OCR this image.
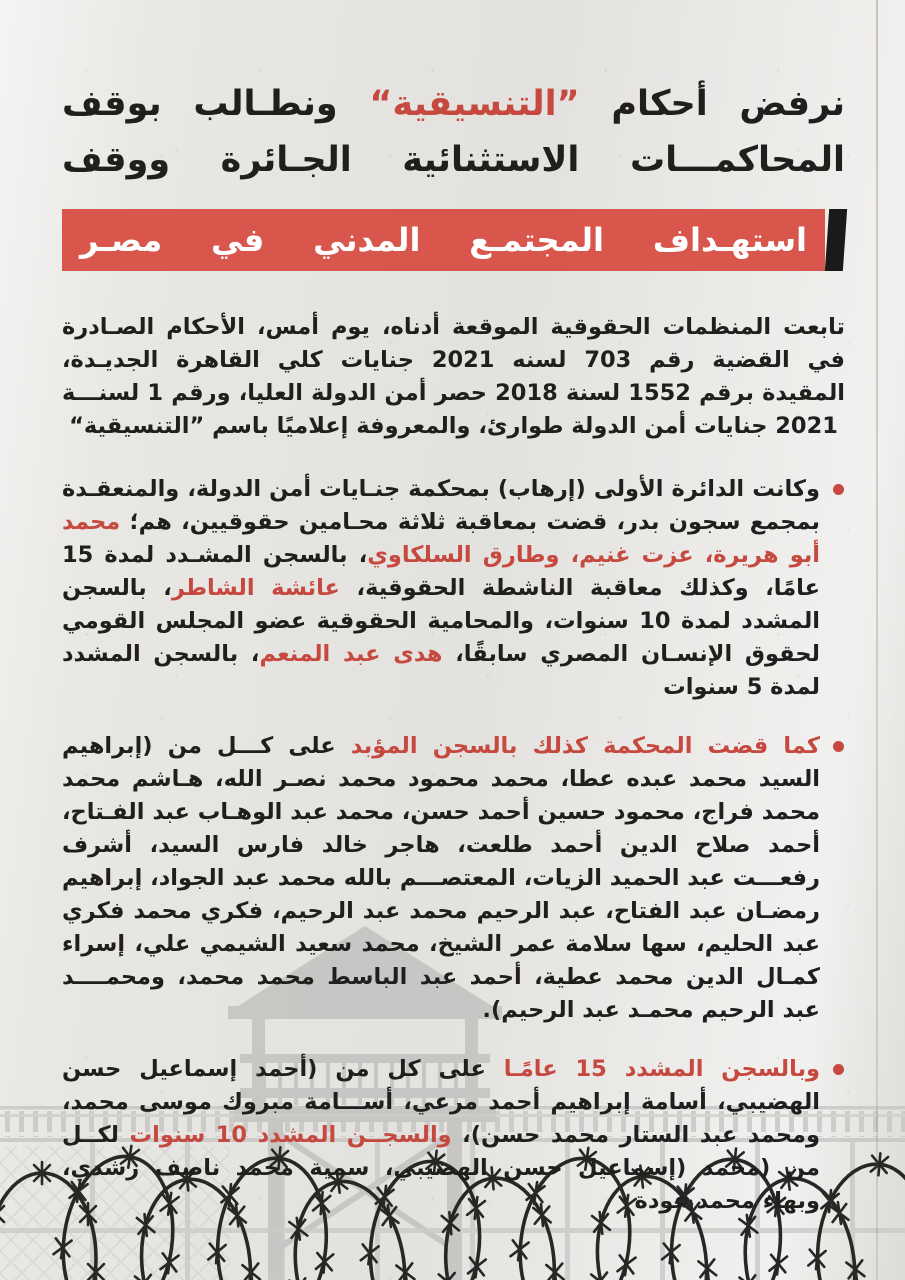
نرفض أحكام ”التنسيقية“ ونطـالب بوقف
المحاكمـــات الاستثنائية الجـائرة ووقف
استهـداف المجتمـع المدني في مصـر

تابعت المنظمات الحقوقية الموقعة أدناه، يوم أمس، الأحكام الصـادرة في القضية رقم 703 لسنه 2021 جنايات كلي القاهرة الجديـدة، المقيدة برقم 1552 لسنة 2018 حصر أمن الدولة العليا، ورقم 1 لسنـــة 2021 جنايات أمن الدولة طوارئ، والمعروفة إعلاميًا باسم ”التنسيقية“

وكانت الدائرة الأولى (إرهاب) بمحكمة جنـايات أمن الدولة، والمنعقـدة بمجمع سجون بدر، قضت بمعاقبة ثلاثة محـامين حقوقيين، هم؛ محمد أبو هريرة، عزت غنيم، وطارق السلكاوي، بالسجن المشـدد لمدة 15 عامًا، وكذلك معاقبة الناشطة الحقوقية، عائشة الشاطر، بالسجن المشدد لمدة 10 سنوات، والمحامية الحقوقية عضو المجلس القومي لحقوق الإنسـان المصري سابقًا، هدى عبد المنعم، بالسجن المشدد لمدة 5 سنوات
كما قضت المحكمة كذلك بالسجن المؤبد على كـــل من (إبراهيم السيد محمد عبده عطا، محمد محمود محمد نصـر الله، هـاشم محمد محمد فراج، محمود حسين أحمد حسن، محمد عبد الوهـاب عبد الفـتاح، أحمد صلاح الدين أحمد طلعت، هاجر خالد فارس السيد، أشرف رفعـــت عبد الحميد الزيات، المعتصـــم بالله محمد عبد الجواد، إبراهيم رمضـان عبد الفتاح، عبد الرحيم محمد عبد الرحيم، فكري محمد فكري عبد الحليم، سها سلامة عمر الشيخ، محمد سعيد الشيمي علي، إسراء كمـال الدين محمد عطية، أحمد عبد الباسط محمد محمد، ومحمــــد عبد الرحيم محمـد عبد الرحيم).
وبالسجن المشدد 15 عامًـا على كل من (أحمد إسماعيل حسن الهضيبي، أسامة إبراهيم أحمد مرعي، أســـامة مبروك موسى محمد، ومحمد عبد الستار محمد حسن)، والسجــن المشدد 10 سنوات لكــل من (محمد (إسماعيل حسن الهضيبي، سمية محمد ناصف رشدي، وبهاء محمد عودة
